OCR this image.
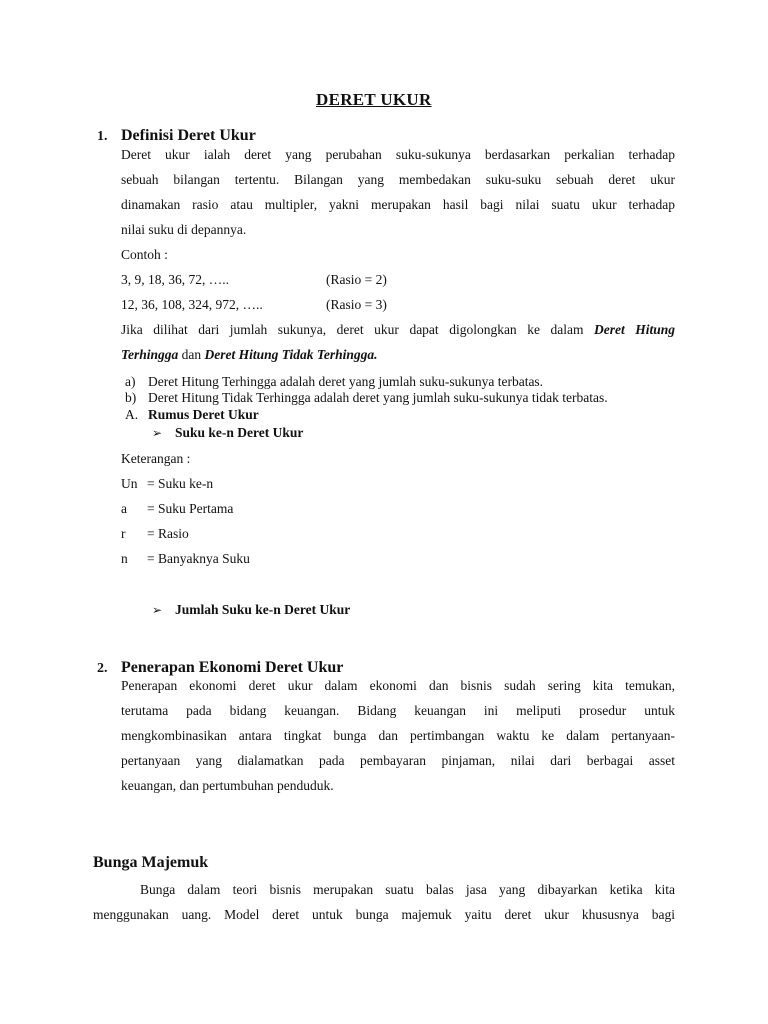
DERET UKUR
1. Definisi Deret Ukur
Deret ukur ialah deret yang perubahan suku-sukunya berdasarkan perkalian terhadap
sebuah bilangan tertentu. Bilangan yang membedakan suku-suku sebuah deret ukur
dinamakan rasio atau multipler, yakni merupakan hasil bagi nilai suatu ukur terhadap
nilai suku di depannya.
Contoh :
3, 9, 18, 36, 72, …..	(Rasio = 2)
12, 36, 108, 324, 972, …..	(Rasio = 3)
Jika dilihat dari jumlah sukunya, deret ukur dapat digolongkan ke dalam Deret Hitung
Terhingga dan Deret Hitung Tidak Terhingga.
a) Deret Hitung Terhingga adalah deret yang jumlah suku-sukunya terbatas.
b) Deret Hitung Tidak Terhingga adalah deret yang jumlah suku-sukunya tidak terbatas.
A. Rumus Deret Ukur
➢ Suku ke-n Deret Ukur
Keterangan :
Un = Suku ke-n
a = Suku Pertama
r = Rasio
n = Banyaknya Suku
➢ Jumlah Suku ke-n Deret Ukur
2. Penerapan Ekonomi Deret Ukur
Penerapan ekonomi deret ukur dalam ekonomi dan bisnis sudah sering kita temukan,
terutama pada bidang keuangan. Bidang keuangan ini meliputi prosedur untuk
mengkombinasikan antara tingkat bunga dan pertimbangan waktu ke dalam pertanyaan-
pertanyaan yang dialamatkan pada pembayaran pinjaman, nilai dari berbagai asset
keuangan, dan pertumbuhan penduduk.
Bunga Majemuk
Bunga dalam teori bisnis merupakan suatu balas jasa yang dibayarkan ketika kita
menggunakan uang. Model deret untuk bunga majemuk yaitu deret ukur khususnya bagi
